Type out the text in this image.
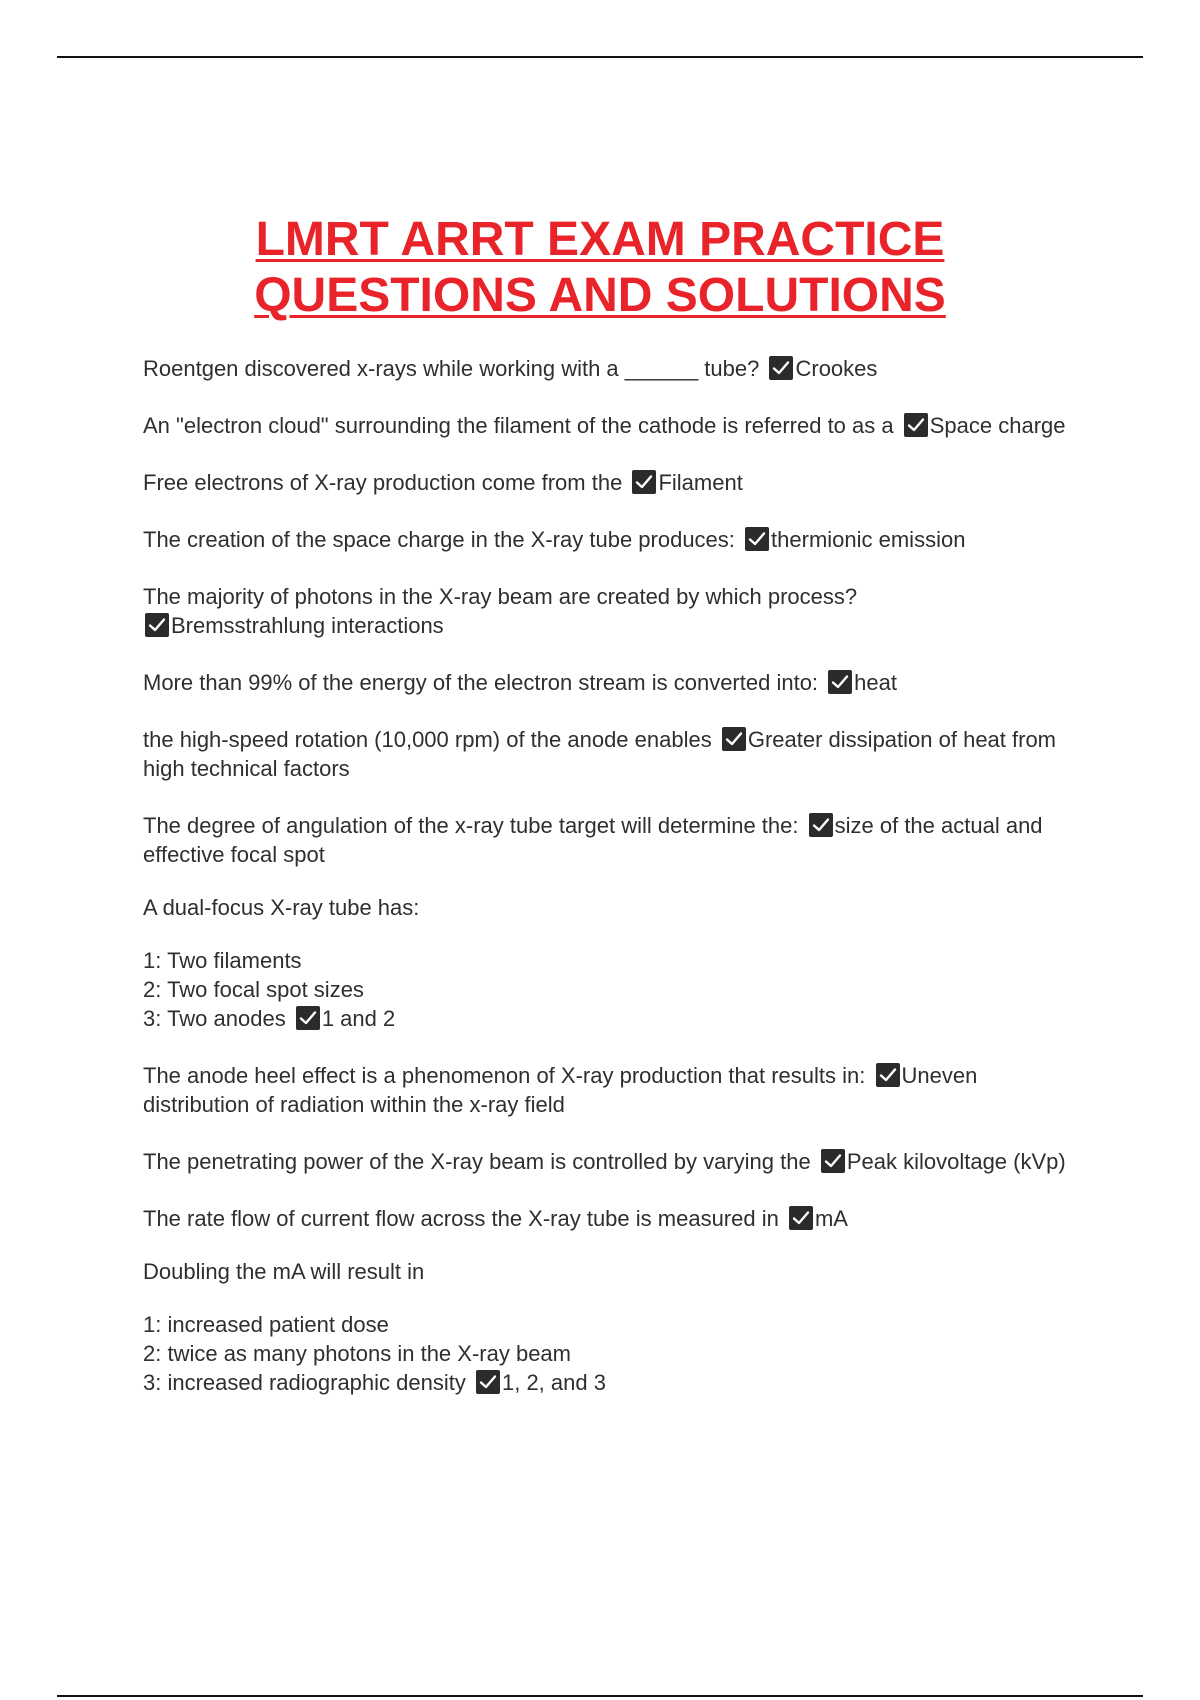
LMRT ARRT EXAM PRACTICE
QUESTIONS AND SOLUTIONS

Roentgen discovered x-rays while working with a ______ tube? Crookes

An "electron cloud" surrounding the filament of the cathode is referred to as a Space charge

Free electrons of X-ray production come from the Filament

The creation of the space charge in the X-ray tube produces: thermionic emission

The majority of photons in the X-ray beam are created by which process?

Bremsstrahlung interactions

More than 99% of the energy of the electron stream is converted into: heat

the high-speed rotation (10,000 rpm) of the anode enables Greater dissipation of heat from high technical factors

The degree of angulation of the x-ray tube target will determine the: size of the actual and effective focal spot

A dual-focus X-ray tube has:

1: Two filaments
2: Two focal spot sizes
3: Two anodes 1 and 2

The anode heel effect is a phenomenon of X-ray production that results in: Uneven distribution of radiation within the x-ray field

The penetrating power of the X-ray beam is controlled by varying the Peak kilovoltage (kVp)

The rate flow of current flow across the X-ray tube is measured in mA

Doubling the mA will result in

1: increased patient dose
2: twice as many photons in the X-ray beam
3: increased radiographic density 1, 2, and 3
